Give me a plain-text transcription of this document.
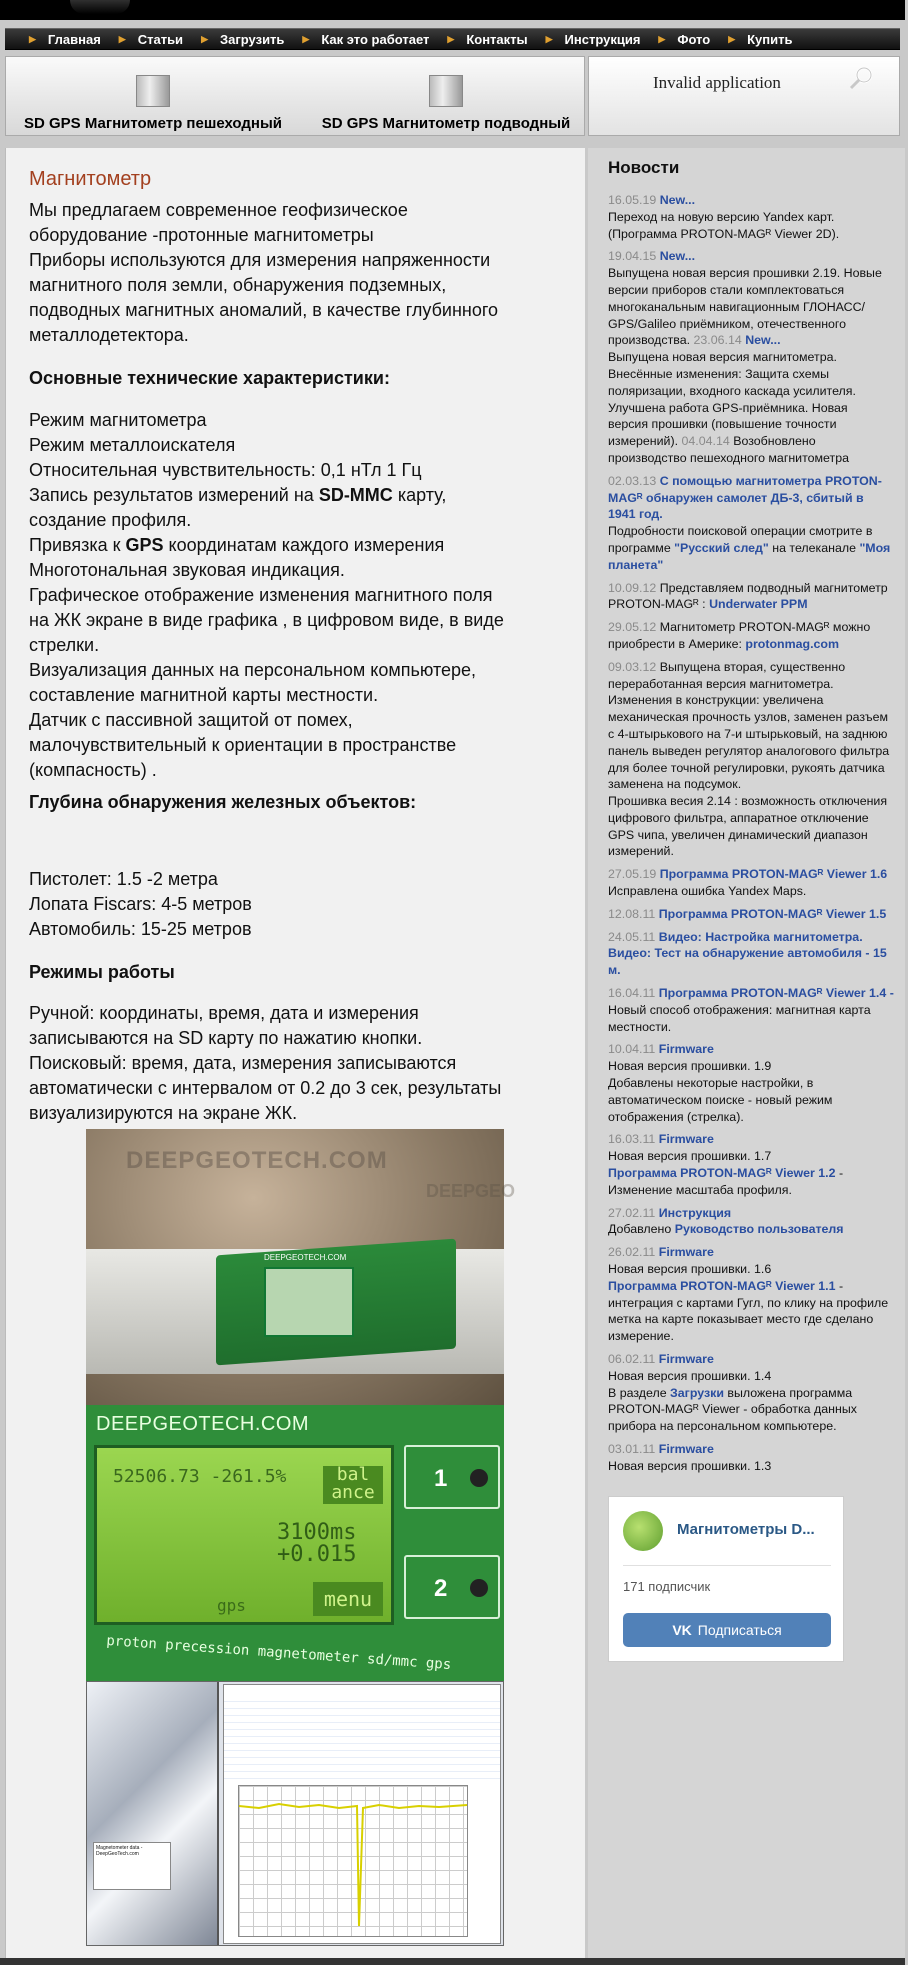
▶ Главная ▶ Статьи ▶ Загрузить ▶ Как это работает ▶ Контакты ▶ Инструкция ▶ Фото ▶ Купить
SD GPS Магнитометр пешеходный	SD GPS Магнитометр подводный
Invalid application
Магнитометр
Мы предлагаем современное геофизическое
оборудование -протонные магнитометры
Приборы используются для измерения напряженности
магнитного поля земли, обнаружения подземных,
подводных магнитных аномалий, в качестве глубинного
металлодетектора.
Основные технические характеристики:
Режим магнитометра
Режим металлоискателя
Относительная чувствительность: 0,1 нТл 1 Гц
Запись результатов измерений на SD-MMC карту,
создание профиля.
Привязка к GPS координатам каждого измерения
Многотональная звуковая индикация.
Графическое отображение изменения магнитного поля
на ЖК экране в виде графика , в цифровом виде, в виде
стрелки.
Визуализация данных на персональном компьютере,
составление магнитной карты местности.
Датчик с пассивной защитой от помех,
малочувствительный к ориентации в пространстве
(компасность) .
Глубина обнаружения железных объектов:
Пистолет: 1.5 -2 метра
Лопата Fiscars: 4-5 метров
Автомобиль: 15-25 метров
Режимы работы
Ручной: координаты, время, дата и измерения
записываются на SD карту по нажатию кнопки.
Поисковый: время, дата, измерения записываются
автоматически с интервалом от 0.2 до 3 сек, результаты
визуализируются на экране ЖК.
DEEPGEOTECH.COM
DEEPGEO
DEEPGEOTECH.COM
DEEPGEOTECH.COM
52506.73 -261.5%	bal
ance
3100ms
+0.015
gps	menu
1
2
proton precession magnetometer sd/mmc gps
Magnetometer data - DeepGeoTech.com
Новости
16.05.19 New...
Переход на новую версию Yandex карт.
(Программа PROTON-MAGᴿ Viewer 2D).
19.04.15 New...
Выпущена новая версия прошивки 2.19. Новые
версии приборов стали комплектоваться
многоканальным навигационным ГЛОНАСС/
GPS/Galileo приёмником, отечественного
производства. 23.06.14 New...
Выпущена новая версия магнитометра.
Внесённые изменения: Защита схемы
поляризации, входного каскада усилителя.
Улучшена работа GPS-приёмника. Новая
версия прошивки (повышение точности
измерений). 04.04.14 Возобновлено
производство пешеходного магнитометра
02.03.13 С помощью магнитометра PROTON-
MAGᴿ обнаружен самолет ДБ-3, сбитый в
1941 год.
Подробности поисковой операции смотрите в
программе "Русский след" на телеканале "Моя
планета"
10.09.12 Представляем подводный магнитометр
PROTON-MAGᴿ : Underwater PPM
29.05.12 Магнитометр PROTON-MAGᴿ можно
приобрести в Америке: protonmag.com
09.03.12 Выпущена вторая, существенно
переработанная версия магнитометра.
Изменения в конструкции: увеличена
механическая прочность узлов, заменен разъем
с 4-штырькового на 7-и штырьковый, на заднюю
панель выведен регулятор аналогового фильтра
для более точной регулировки, рукоять датчика
заменена на подсумок.
Прошивка весия 2.14 : возможность отключения
цифрового фильтра, аппаратное отключение
GPS чипа, увеличен динамический диапазон
измерений.
27.05.19 Программа PROTON-MAGᴿ Viewer 1.6
Исправлена ошибка Yandex Maps.
12.08.11 Программа PROTON-MAGᴿ Viewer 1.5
24.05.11 Видео: Настройка магнитометра.
Видео: Тест на обнаружение автомобиля - 15
м.
16.04.11 Программа PROTON-MAGᴿ Viewer 1.4 -
Новый способ отображения: магнитная карта
местности.
10.04.11 Firmware
Новая версия прошивки. 1.9
Добавлены некоторые настройки, в
автоматическом поиске - новый режим
отображения (стрелка).
16.03.11 Firmware
Новая версия прошивки. 1.7
Программа PROTON-MAGᴿ Viewer 1.2 -
Изменение масштаба профиля.
27.02.11 Инструкция
Добавлено Руководство пользователя
26.02.11 Firmware
Новая версия прошивки. 1.6
Программа PROTON-MAGᴿ Viewer 1.1 -
интеграция с картами Гугл, по клику на профиле
метка на карте показывает место где сделано
измерение.
06.02.11 Firmware
Новая версия прошивки. 1.4
В разделе Загрузки выложена программа
PROTON-MAGᴿ Viewer - обработка данных
прибора на персональном компьютере.
03.01.11 Firmware
Новая версия прошивки. 1.3
Магнитометры D...
171 подписчик
VK Подписаться
